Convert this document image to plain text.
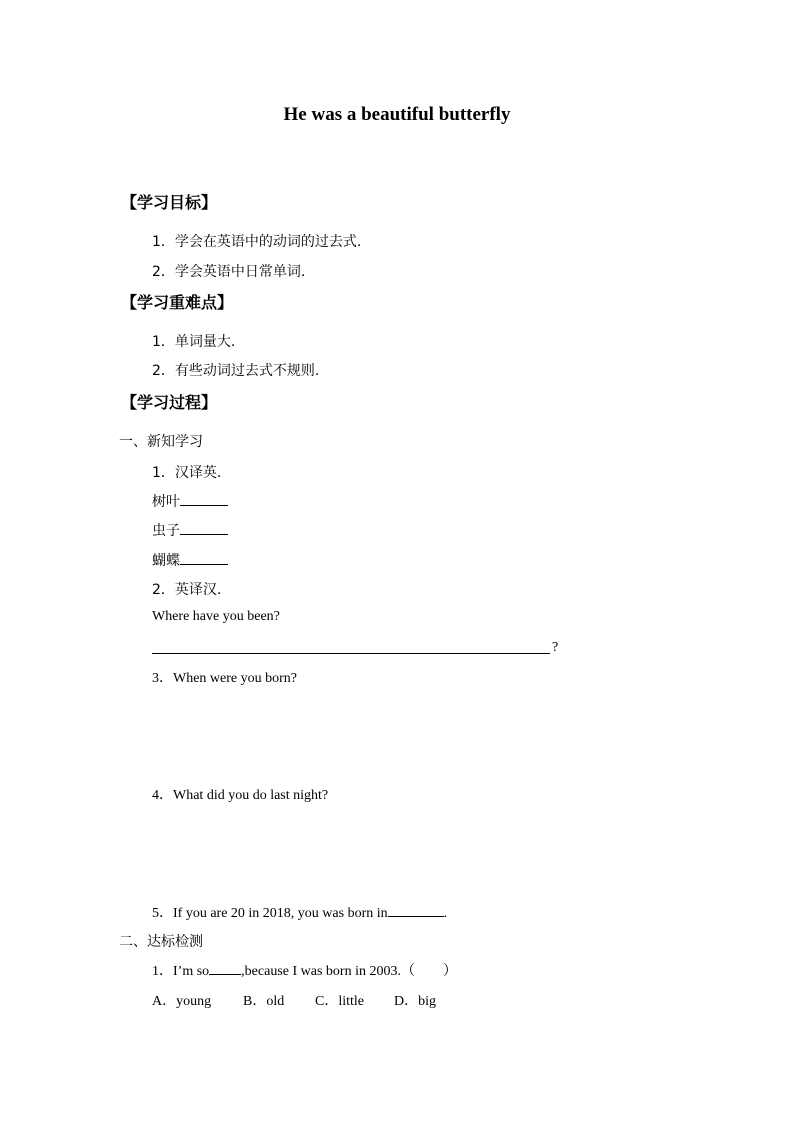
He was a beautiful butterfly
【学习目标】
1．学会在英语中的动词的过去式.
2．学会英语中日常单词.
【学习重难点】
1．单词量大.
2．有些动词过去式不规则.
【学习过程】
一、新知学习
1．汉译英.
树叶
虫子
蝴蝶
2．英译汉.
Where have you been?
?
3．When were you born?
4．What did you do last night?
5．If you are 20 in 2018, you was born in	.
二、达标检测
1．I’m so ,because I was born in 2003.（　　）
A．young B．old C．little D．big
